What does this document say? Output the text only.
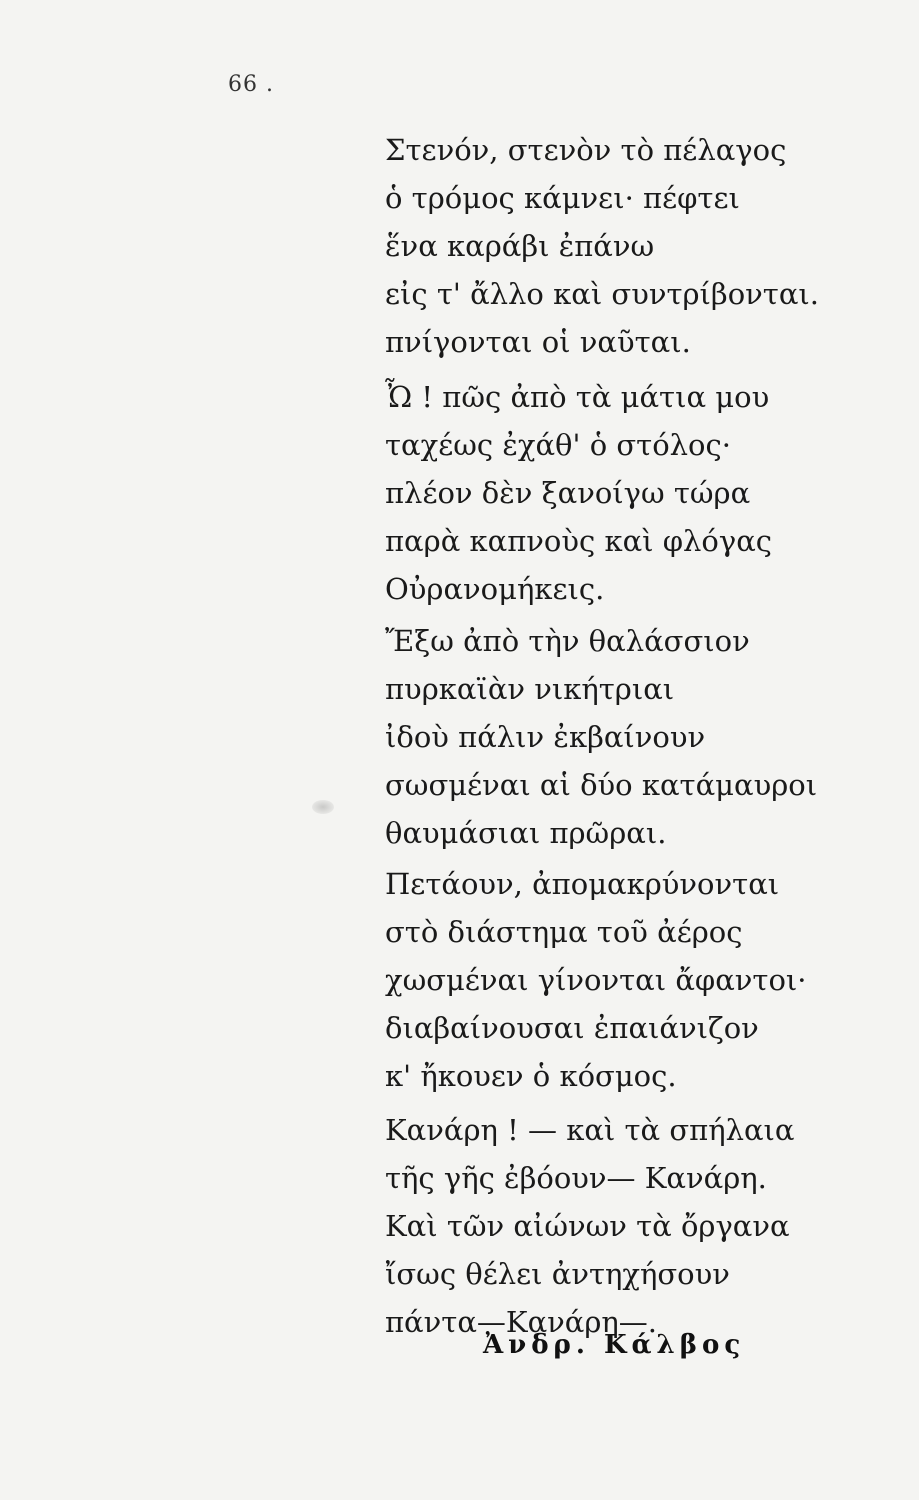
66 .
Στενόν, στενὸν τὸ πέλαγος
ὁ τρόμος κάμνει· πέφτει
ἕνα καράβι ἐπάνω
εἰς τ' ἄλλο καὶ συντρίβονται.
πνίγονται οἱ ναῦται.
Ὦ ! πῶς ἀπὸ τὰ μάτια μου
ταχέως ἐχάθ' ὁ στόλος·
πλέον δὲν ξανοίγω τώρα
παρὰ καπνοὺς καὶ φλόγας
Οὐρανομήκεις.
Ἔξω ἀπὸ τὴν θαλάσσιον
πυρκαϊὰν νικήτριαι
ἰδοὺ πάλιν ἐκβαίνουν
σωσμέναι αἱ δύο κατάμαυροι
θαυμάσιαι πρῶραι.
Πετάουν, ἀπομακρύνονται
στὸ διάστημα τοῦ ἀέρος
χωσμέναι γίνονται ἄφαντοι·
διαβαίνουσαι ἐπαιάνιζον
κ' ἤκουεν ὁ κόσμος.
Κανάρη ! — καὶ τὰ σπήλαια
τῆς γῆς ἐβόουν— Κανάρη.
Καὶ τῶν αἰώνων τὰ ὄργανα
ἴσως θέλει ἀντηχήσουν
πάντα—Κανάρη—.
Ἀνδρ. Κάλβος
